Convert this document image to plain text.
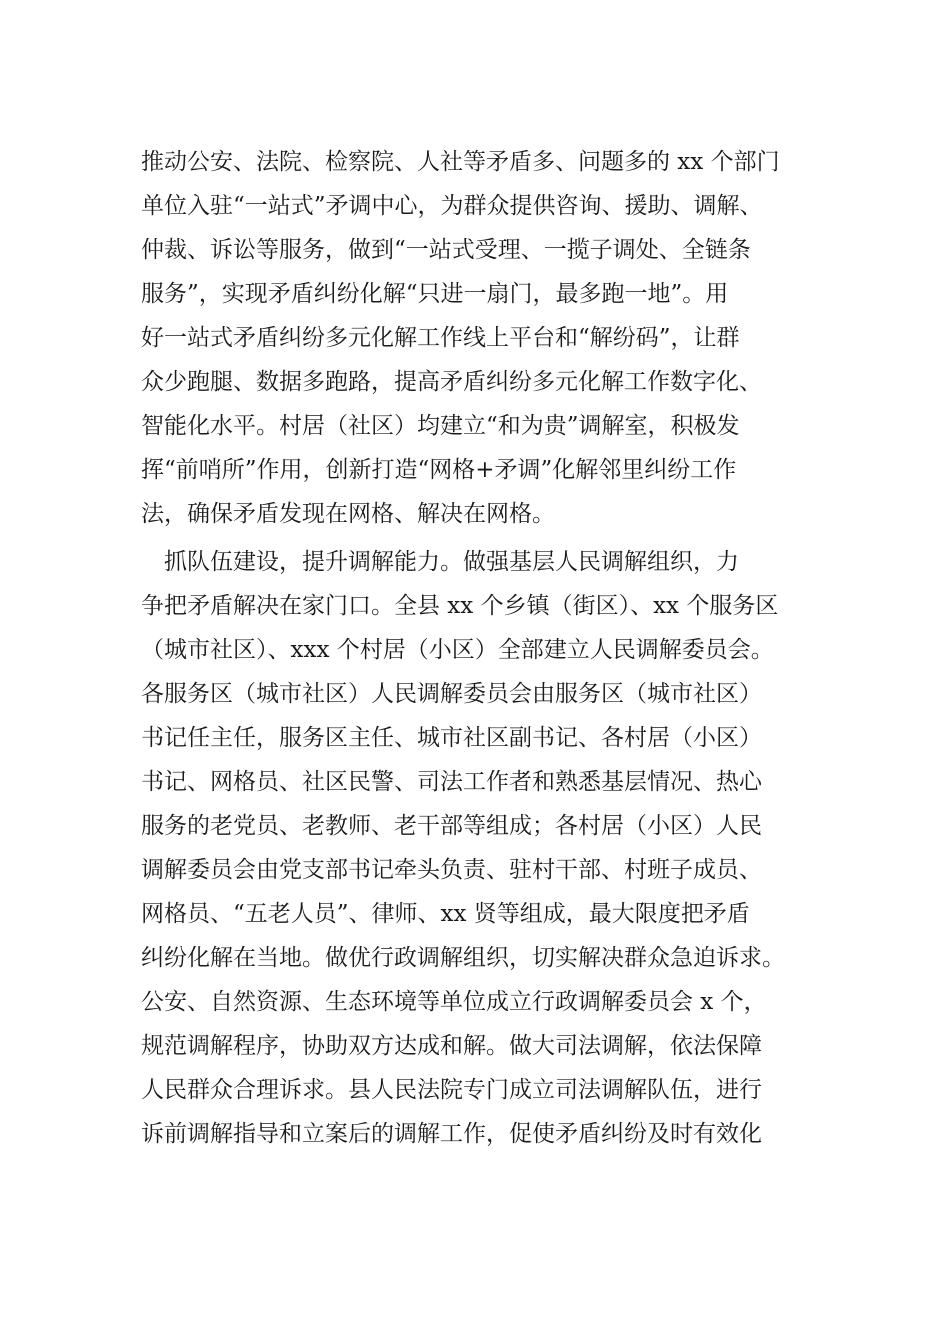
推动公安、法院、检察院、人社等矛盾多、问题多的 xx 个部门
单位入驻“一站式”矛调中心，为群众提供咨询、援助、调解、
仲裁、诉讼等服务，做到“一站式受理、一揽子调处、全链条
服务”，实现矛盾纠纷化解“只进一扇门，最多跑一地”。用
好一站式矛盾纠纷多元化解工作线上平台和“解纷码”，让群
众少跑腿、数据多跑路，提高矛盾纠纷多元化解工作数字化、
智能化水平。村居（社区）均建立“和为贵”调解室，积极发
挥“前哨所”作用，创新打造“网格+矛调”化解邻里纠纷工作
法，确保矛盾发现在网格、解决在网格。
抓队伍建设，提升调解能力。做强基层人民调解组织，力
争把矛盾解决在家门口。全县 xx 个乡镇（街区）、xx 个服务区
（城市社区）、xxx 个村居（小区）全部建立人民调解委员会。
各服务区（城市社区）人民调解委员会由服务区（城市社区）
书记任主任，服务区主任、城市社区副书记、各村居（小区）
书记、网格员、社区民警、司法工作者和熟悉基层情况、热心
服务的老党员、老教师、老干部等组成；各村居（小区）人民
调解委员会由党支部书记牵头负责、驻村干部、村班子成员、
网格员、“五老人员”、律师、xx 贤等组成，最大限度把矛盾
纠纷化解在当地。做优行政调解组织，切实解决群众急迫诉求。
公安、自然资源、生态环境等单位成立行政调解委员会 x 个，
规范调解程序，协助双方达成和解。做大司法调解，依法保障
人民群众合理诉求。县人民法院专门成立司法调解队伍，进行
诉前调解指导和立案后的调解工作，促使矛盾纠纷及时有效化
